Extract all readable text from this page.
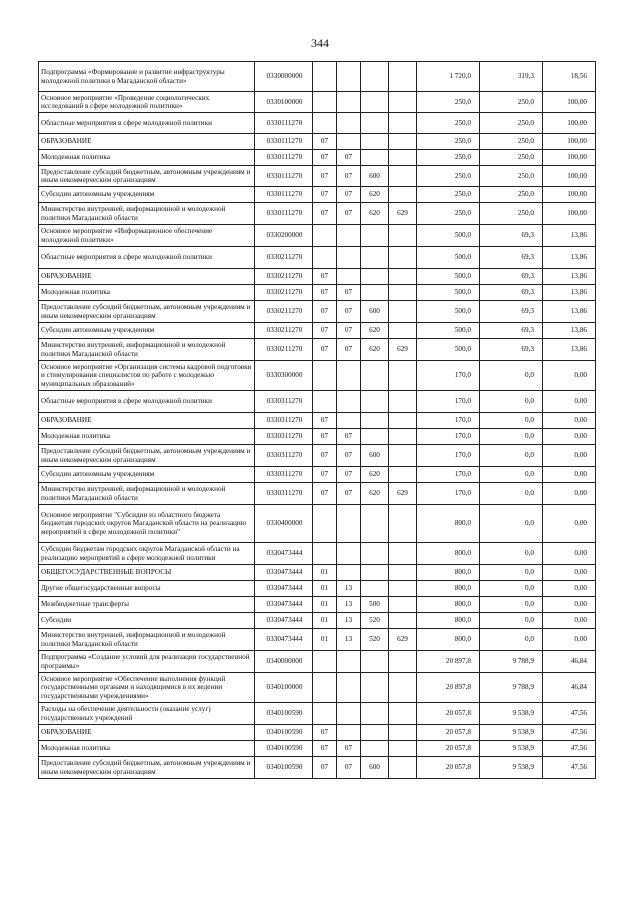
344
Подпрограмма «Формирование и развитие инфраструктуры молодежной политики в Магаданской области»	0330000000					1 720,0	319,3	18,56
Основное мероприятие «Проведение социологических исследований в сфере молодежной политики»	0330100000					250,0	250,0	100,00
Областные мероприятия в сфере молодежной политики	0330111270					250,0	250,0	100,00
ОБРАЗОВАНИЕ	0330111270	07				250,0	250,0	100,00
Молодежная политика	0330111270	07	07			250,0	250,0	100,00
Предоставление субсидий бюджетным, автономным учреждениям и иным некоммерческим организациям	0330111270	07	07	600		250,0	250,0	100,00
Субсидии автономным учреждениям	0330111270	07	07	620		250,0	250,0	100,00
Министерство внутренней, информационной и молодежной политики Магаданской области	0330111270	07	07	620	629	250,0	250,0	100,00
Основное мероприятие «Информационное обеспечение молодежной политики»	0330200000					500,0	69,3	13,86
Областные мероприятия в сфере молодежной политики	0330211270					500,0	69,3	13,86
ОБРАЗОВАНИЕ	0330211270	07				500,0	69,3	13,86
Молодежная политика	0330211270	07	07			500,0	69,3	13,86
Предоставление субсидий бюджетным, автономным учреждениям и иным некоммерческим организациям	0330211270	07	07	600		500,0	69,3	13,86
Субсидии автономным учреждениям	0330211270	07	07	620		500,0	69,3	13,86
Министерство внутренней, информационной и молодежной политики Магаданской области	0330211270	07	07	620	629	500,0	69,3	13,86
Основное мероприятие «Организация системы кадровой подготовки и стимулирования специалистов по работе с молодежью муниципальных образований»	0330300000					170,0	0,0	0,00
Областные мероприятия в сфере молодежной политики	0330311270					170,0	0,0	0,00
ОБРАЗОВАНИЕ	0330311270	07				170,0	0,0	0,00
Молодежная политика	0330311270	07	07			170,0	0,0	0,00
Предоставление субсидий бюджетным, автономным учреждениям и иным некоммерческим организациям	0330311270	07	07	600		170,0	0,0	0,00
Субсидии автономным учреждениям	0330311270	07	07	620		170,0	0,0	0,00
Министерство внутренней, информационной и молодежной политики Магаданской области	0330311270	07	07	620	629	170,0	0,0	0,00
Основное мероприятие "Субсидии из областного бюджета бюджетам городских округов Магаданской области на реализацию мероприятий в сфере молодежной политики"	0330400000					800,0	0,0	0,00
Субсидии бюджетам городских округов Магаданской области на реализацию мероприятий в сфере молодежной политики	0330473444					800,0	0,0	0,00
ОБЩЕГОСУДАРСТВЕННЫЕ ВОПРОСЫ	0330473444	01				800,0	0,0	0,00
Другие общегосударственные вопросы	0330473444	01	13			800,0	0,0	0,00
Межбюджетные трансферты	0330473444	01	13	500		800,0	0,0	0,00
Субсидии	0330473444	01	13	520		800,0	0,0	0,00
Министерство внутренней, информационной и молодежной политики Магаданской области	0330473444	01	13	520	629	800,0	0,0	0,00
Подпрограмма «Создание условий для реализации государственной программы»	0340000000					20 897,8	9 788,9	46,84
Основное мероприятие «Обеспечение выполнения функций государственными органами и находящимися в их ведении государственными учреждениями»	0340100000					20 897,8	9 788,9	46,84
Расходы на обеспечение деятельности (оказание услуг) государственных учреждений	0340100590					20 057,8	9 538,9	47,56
ОБРАЗОВАНИЕ	0340100590	07				20 057,8	9 538,9	47,56
Молодежная политика	0340100590	07	07			20 057,8	9 538,9	47,56
Предоставление субсидий бюджетным, автономным учреждениям и иным некоммерческим организациям	0340100590	07	07	600		20 057,8	9 538,9	47,56
